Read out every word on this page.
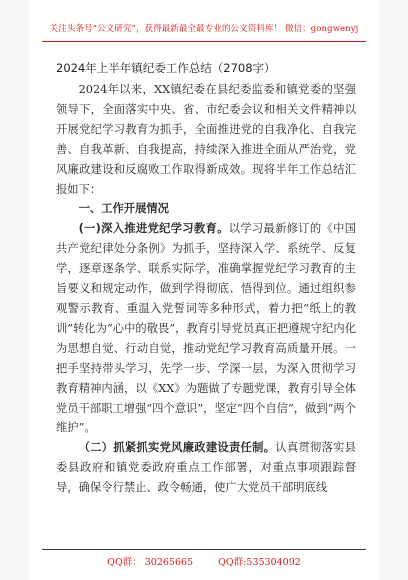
关注头条号“公文研究”，获得最新最全最专业的公文资料库！ 微信：gongwenyj
2024年上半年镇纪委工作总结（2708字）

2024年以来，XX镇纪委在县纪委监委和镇党委的坚强领导下，全面落实中央、省、市纪委会议和相关文件精神以开展党纪学习教育为抓手，全面推进党的自我净化、自我完善、自我革新、自我提高，持续深入推进全面从严治党，党风廉政建设和反腐败工作取得新成效。现将半年工作总结汇报如下：

一、工作开展情况

(一)深入推进党纪学习教育。以学习最新修订的《中国共产党纪律处分条例》为抓手，坚持深入学、系统学、反复学，逐章逐条学、联系实际学，准确掌握党纪学习教育的主旨要义和规定动作，做到学得彻底、悟得到位。通过组织参观警示教育、重温入党誓词等多种形式，着力把“纸上的教训”转化为“心中的敬畏”，教育引导党员真正把遵规守纪内化为思想自觉、行动自觉，推动党纪学习教育高质量开展。一把手坚持带头学习，先学一步、学深一层，为深入贯彻学习教育精神内涵，以《XX》为题做了专题党课，教育引导全体党员干部职工增强“四个意识”，坚定“四个自信”，做到“两个维护”。

（二）抓紧抓实党风廉政建设责任制。认真贯彻落实县委县政府和镇党委政府重点工作部署，对重点事项跟踪督导，确保令行禁止、政令畅通，使广大党员干部明底线

QQ群： 30265665	QQ群:535304092
